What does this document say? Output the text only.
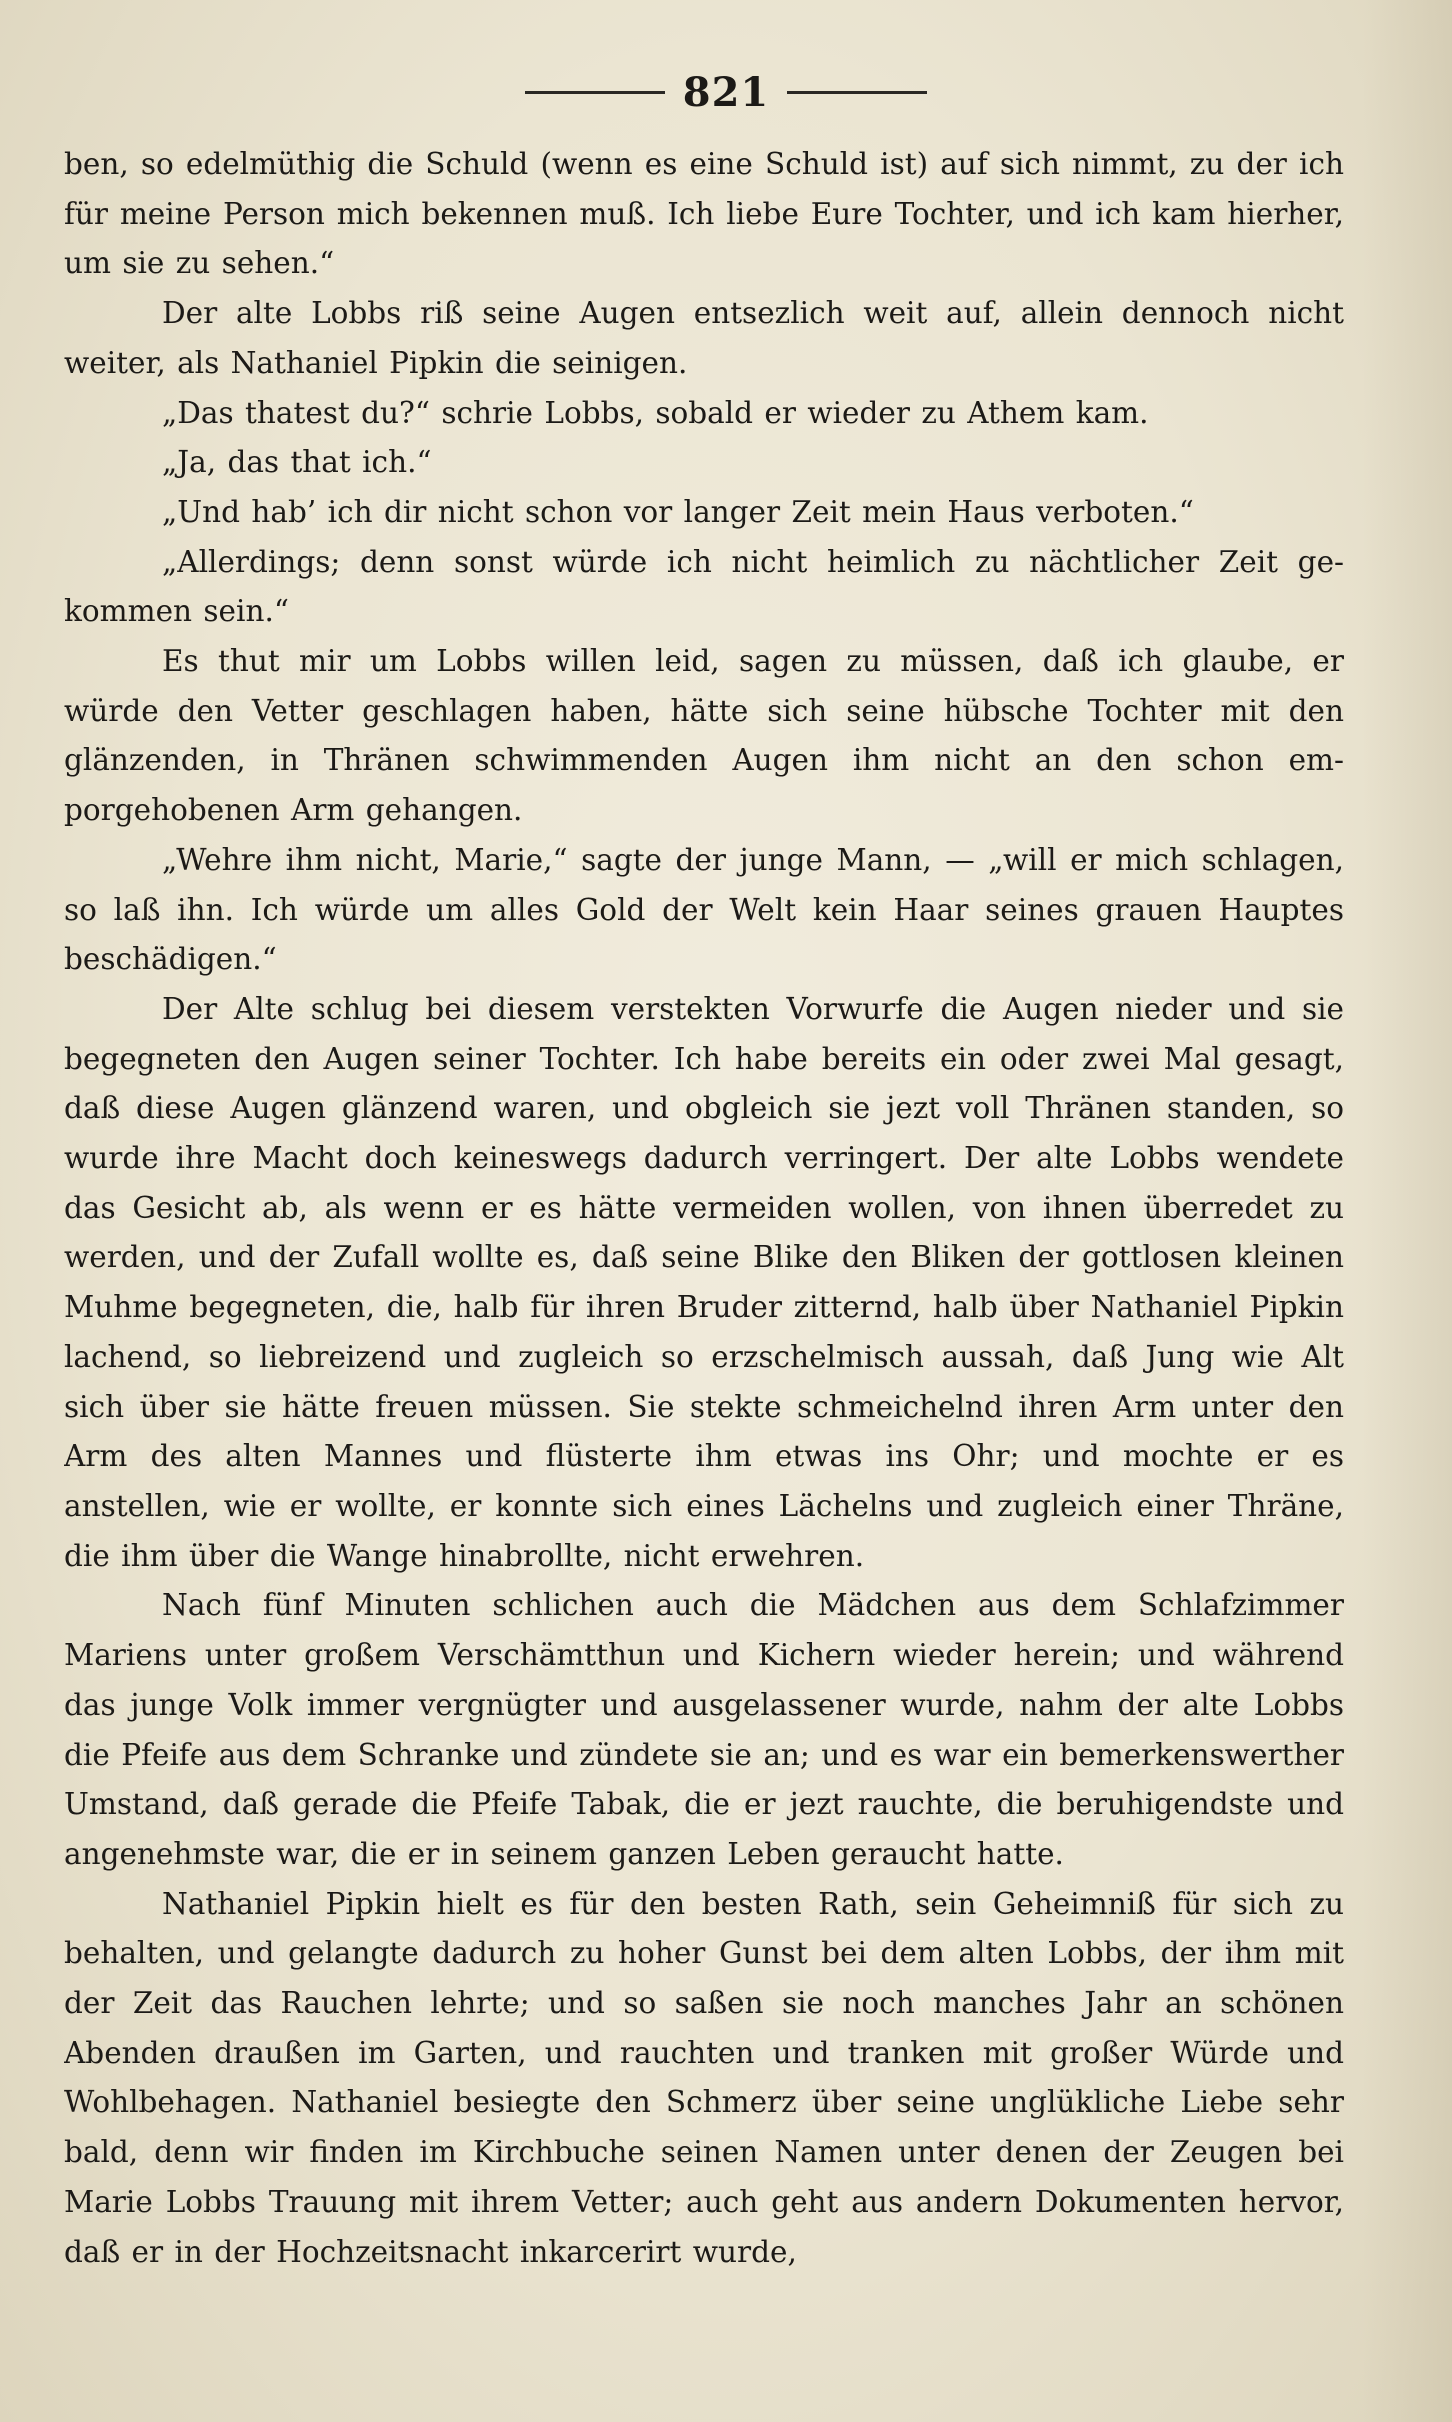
821

ben, so edelmüthig die Schuld (wenn es eine Schuld ist) auf sich nimmt, zu der ich für meine Person mich bekennen muß. Ich liebe Eure Tochter, und ich kam hierher, um sie zu sehen.“

Der alte Lobbs riß seine Augen entsezlich weit auf, allein dennoch nicht weiter, als Nathaniel Pipkin die seinigen.

„Das thatest du?“ schrie Lobbs, sobald er wieder zu Athem kam.

„Ja, das that ich.“

„Und hab’ ich dir nicht schon vor langer Zeit mein Haus verboten.“

„Allerdings; denn sonst würde ich nicht heimlich zu nächtlicher Zeit gekommen sein.“

Es thut mir um Lobbs willen leid, sagen zu müssen, daß ich glaube, er würde den Vetter geschlagen haben, hätte sich seine hübsche Tochter mit den glänzenden, in Thränen schwimmenden Augen ihm nicht an den schon emporgehobenen Arm gehangen.

„Wehre ihm nicht, Marie,“ sagte der junge Mann, — „will er mich schlagen, so laß ihn. Ich würde um alles Gold der Welt kein Haar seines grauen Hauptes beschädigen.“

Der Alte schlug bei diesem verstekten Vorwurfe die Augen nieder und sie begegneten den Augen seiner Tochter. Ich habe bereits ein oder zwei Mal gesagt, daß diese Augen glänzend waren, und obgleich sie jezt voll Thränen standen, so wurde ihre Macht doch keineswegs dadurch verringert. Der alte Lobbs wendete das Gesicht ab, als wenn er es hätte vermeiden wollen, von ihnen überredet zu werden, und der Zufall wollte es, daß seine Blike den Bliken der gottlosen kleinen Muhme begegneten, die, halb für ihren Bruder zitternd, halb über Nathaniel Pipkin lachend, so liebreizend und zugleich so erzschelmisch aussah, daß Jung wie Alt sich über sie hätte freuen müssen. Sie stekte schmeichelnd ihren Arm unter den Arm des alten Mannes und flüsterte ihm etwas ins Ohr; und mochte er es anstellen, wie er wollte, er konnte sich eines Lächelns und zugleich einer Thräne, die ihm über die Wange hinabrollte, nicht erwehren.

Nach fünf Minuten schlichen auch die Mädchen aus dem Schlafzimmer Mariens unter großem Verschämtthun und Kichern wieder herein; und während das junge Volk immer vergnügter und ausgelassener wurde, nahm der alte Lobbs die Pfeife aus dem Schranke und zündete sie an; und es war ein bemerkenswerther Umstand, daß gerade die Pfeife Tabak, die er jezt rauchte, die beruhigendste und angenehmste war, die er in seinem ganzen Leben geraucht hatte.

Nathaniel Pipkin hielt es für den besten Rath, sein Geheimniß für sich zu behalten, und gelangte dadurch zu hoher Gunst bei dem alten Lobbs, der ihm mit der Zeit das Rauchen lehrte; und so saßen sie noch manches Jahr an schönen Abenden draußen im Garten, und rauchten und tranken mit großer Würde und Wohlbehagen. Nathaniel besiegte den Schmerz über seine unglükliche Liebe sehr bald, denn wir finden im Kirchbuche seinen Namen unter denen der Zeugen bei Marie Lobbs Trauung mit ihrem Vetter; auch geht aus andern Dokumenten hervor, daß er in der Hochzeitsnacht inkarcerirt wurde,
